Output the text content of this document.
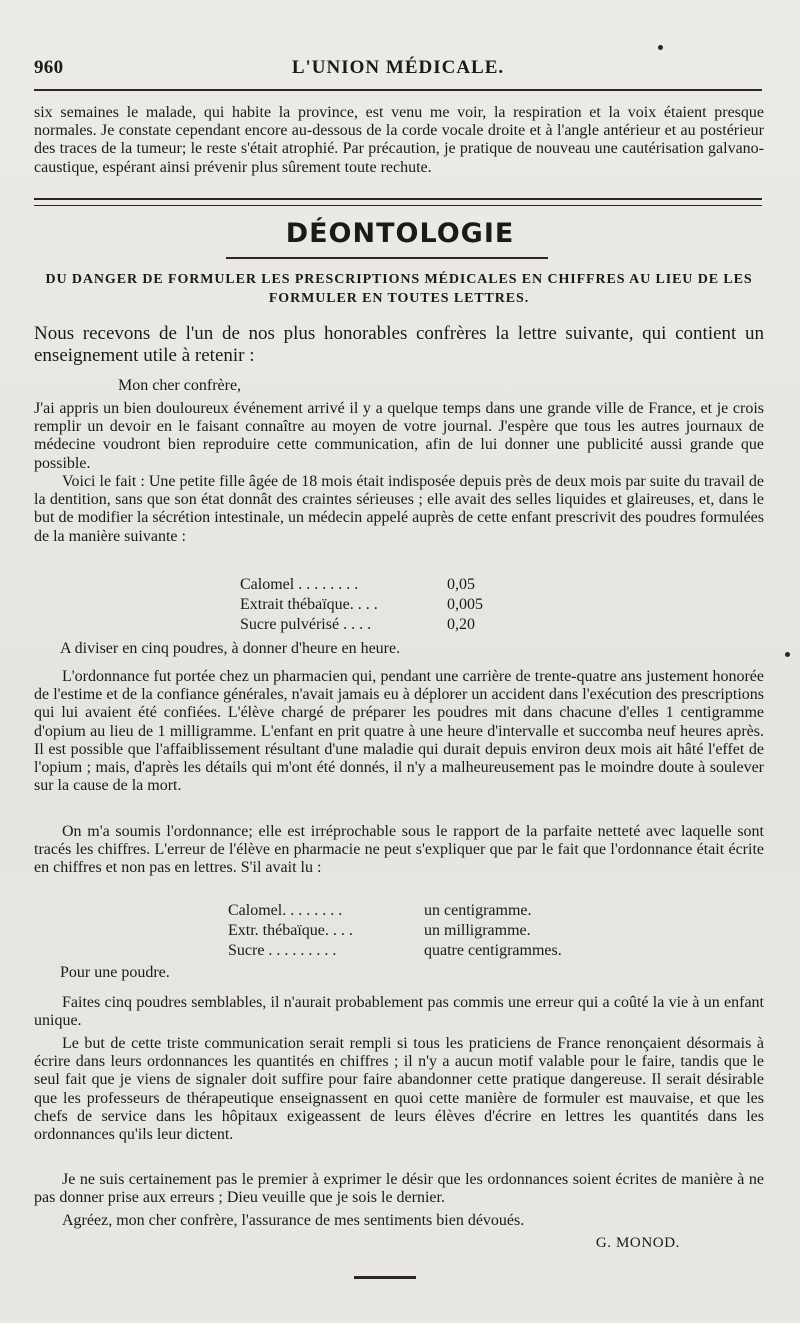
960	L'UNION MÉDICALE.

six semaines le malade, qui habite la province, est venu me voir, la respiration et la voix étaient presque normales. Je constate cependant encore au-dessous de la corde vocale droite et à l'angle antérieur et au postérieur des traces de la tumeur; le reste s'était atrophié. Par précaution, je pratique de nouveau une cautérisation galvano-caustique, espérant ainsi prévenir plus sûrement toute rechute.

DÉONTOLOGIE
DU DANGER DE FORMULER LES PRESCRIPTIONS MÉDICALES EN CHIFFRES AU LIEU DE LES FORMULER EN TOUTES LETTRES.
Nous recevons de l'un de nos plus honorables confrères la lettre suivante, qui contient un enseignement utile à retenir :
Mon cher confrère,

J'ai appris un bien douloureux événement arrivé il y a quelque temps dans une grande ville de France, et je crois remplir un devoir en le faisant connaître au moyen de votre journal. J'espère que tous les autres journaux de médecine voudront bien reproduire cette communication, afin de lui donner une publicité aussi grande que possible.

Voici le fait : Une petite fille âgée de 18 mois était indisposée depuis près de deux mois par suite du travail de la dentition, sans que son état donnât des craintes sérieuses ; elle avait des selles liquides et glaireuses, et, dans le but de modifier la sécrétion intestinale, un médecin appelé auprès de cette enfant prescrivit des poudres formulées de la manière suivante :

Calomel . . . . . . . .	0,05
Extrait thébaïque. . . .	0,005
Sucre pulvérisé . . . .	0,20
A diviser en cinq poudres, à donner d'heure en heure.

L'ordonnance fut portée chez un pharmacien qui, pendant une carrière de trente-quatre ans justement honorée de l'estime et de la confiance générales, n'avait jamais eu à déplorer un accident dans l'exécution des prescriptions qui lui avaient été confiées. L'élève chargé de préparer les poudres mit dans chacune d'elles 1 centigramme d'opium au lieu de 1 milligramme. L'enfant en prit quatre à une heure d'intervalle et succomba neuf heures après. Il est possible que l'affaiblissement résultant d'une maladie qui durait depuis environ deux mois ait hâté l'effet de l'opium ; mais, d'après les détails qui m'ont été donnés, il n'y a malheureusement pas le moindre doute à soulever sur la cause de la mort.

On m'a soumis l'ordonnance; elle est irréprochable sous le rapport de la parfaite netteté avec laquelle sont tracés les chiffres. L'erreur de l'élève en pharmacie ne peut s'expliquer que par le fait que l'ordonnance était écrite en chiffres et non pas en lettres. S'il avait lu :

Calomel. . . . . . . .	un centigramme.
Extr. thébaïque. . . .	un milligramme.
Sucre . . . . . . . . .	quatre centigrammes.
Pour une poudre.

Faites cinq poudres semblables, il n'aurait probablement pas commis une erreur qui a coûté la vie à un enfant unique.

Le but de cette triste communication serait rempli si tous les praticiens de France renonçaient désormais à écrire dans leurs ordonnances les quantités en chiffres ; il n'y a aucun motif valable pour le faire, tandis que le seul fait que je viens de signaler doit suffire pour faire abandonner cette pratique dangereuse. Il serait désirable que les professeurs de thérapeutique enseignassent en quoi cette manière de formuler est mauvaise, et que les chefs de service dans les hôpitaux exigeassent de leurs élèves d'écrire en lettres les quantités dans les ordonnances qu'ils leur dictent.

Je ne suis certainement pas le premier à exprimer le désir que les ordonnances soient écrites de manière à ne pas donner prise aux erreurs ; Dieu veuille que je sois le dernier.

Agréez, mon cher confrère, l'assurance de mes sentiments bien dévoués.

G. MONOD.
